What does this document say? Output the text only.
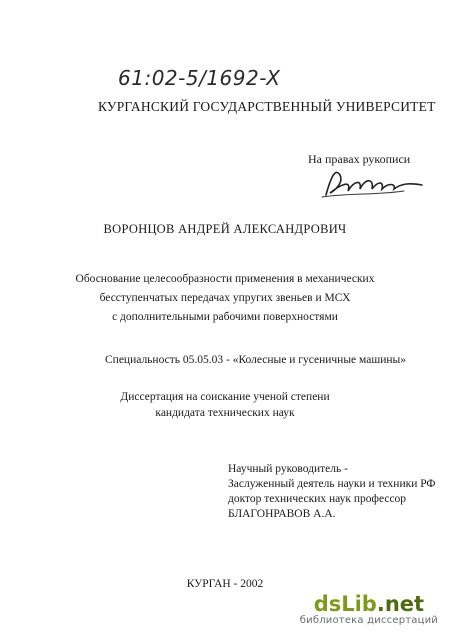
61:02-5/1692-X
КУРГАНСКИЙ ГОСУДАРСТВЕННЫЙ УНИВЕРСИТЕТ
На правах рукописи
ВОРОНЦОВ АНДРЕЙ АЛЕКСАНДРОВИЧ
Обоснование целесообразности применения в механических
бесступенчатых передачах упругих звеньев и МСХ
с дополнительными рабочими поверхностями
Специальность 05.05.03 - «Колесные и гусеничные машины»
Диссертация на соискание ученой степени
кандидата технических наук
Научный руководитель -
Заслуженный деятель науки и техники РФ
доктор технических наук профессор
БЛАГОНРАВОВ А.А.
КУРГАН - 2002
dsLib.net
библиотека диссертаций
